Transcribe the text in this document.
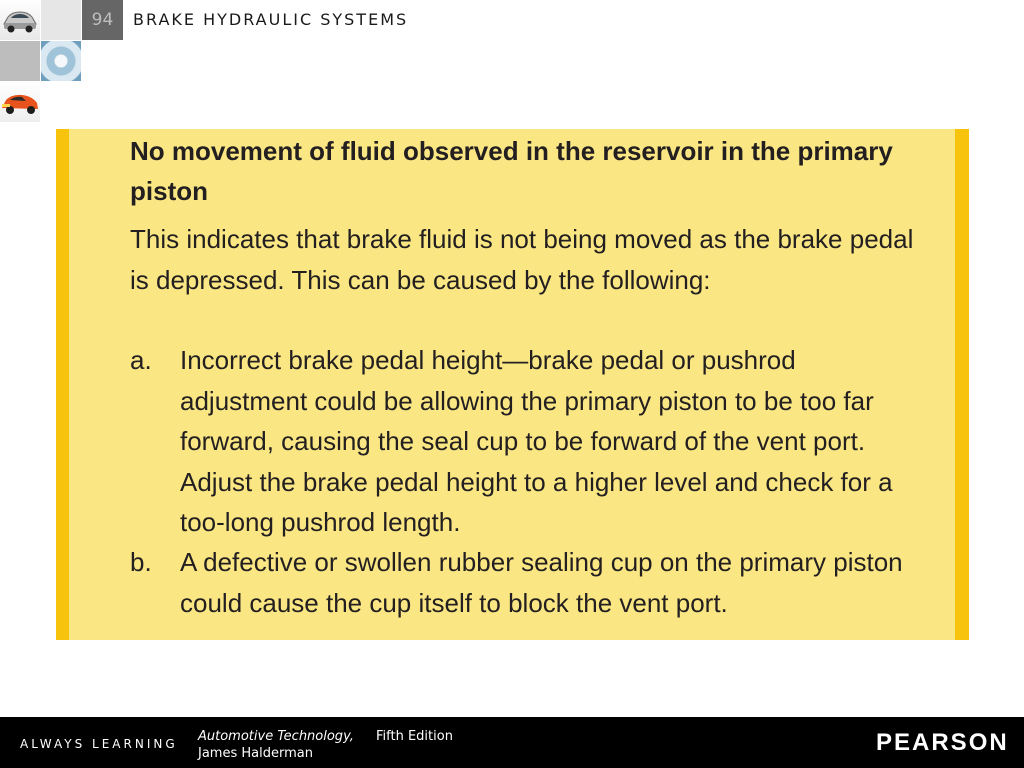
94	BRAKE HYDRAULIC SYSTEMS
No movement of fluid observed in the reservoir in the primary piston
This indicates that brake fluid is not being moved as the brake pedal is depressed. This can be caused by the following:
a. Incorrect brake pedal height—brake pedal or pushrod adjustment could be allowing the primary piston to be too far forward, causing the seal cup to be forward of the vent port. Adjust the brake pedal height to a higher level and check for a too-long pushrod length.
b. A defective or swollen rubber sealing cup on the primary piston could cause the cup itself to block the vent port.
ALWAYS LEARNING Automotive Technology, Fifth Edition
James Halderman	PEARSON
